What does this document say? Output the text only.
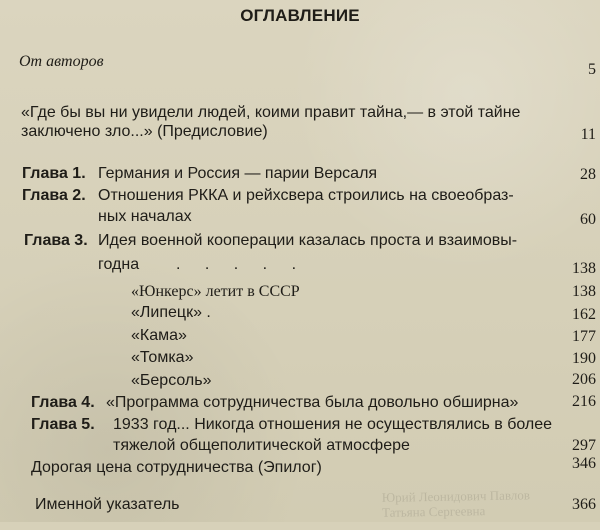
ОГЛАВЛЕНИЕ
От авторов	5
«Где бы вы ни увидели людей, коими правит тайна,— в этой тайне
заключено зло...» (Предисловие)	11
Глава 1. Германия и Россия — парии Версаля	28
Глава 2. Отношения РККА и рейхсвера строились на своеобраз-
ных началах	60
Глава 3. Идея военной кооперации казалась проста и взаимовы-
годна . . . . .	138
«Юнкерс» летит в СССР	138
«Липецк» .	162
«Кама»	177
«Томка»	190
«Берсоль»	206
Глава 4. «Программа сотрудничества была довольно обширна»	216
Глава 5. 1933 год... Никогда отношения не осуществлялись в более
тяжелой общеполитической атмосфере	297
Дорогая цена сотрудничества (Эпилог)	346
Именной указатель	366
Юрий Леонидович Павлов
Татьяна Сергеевна
